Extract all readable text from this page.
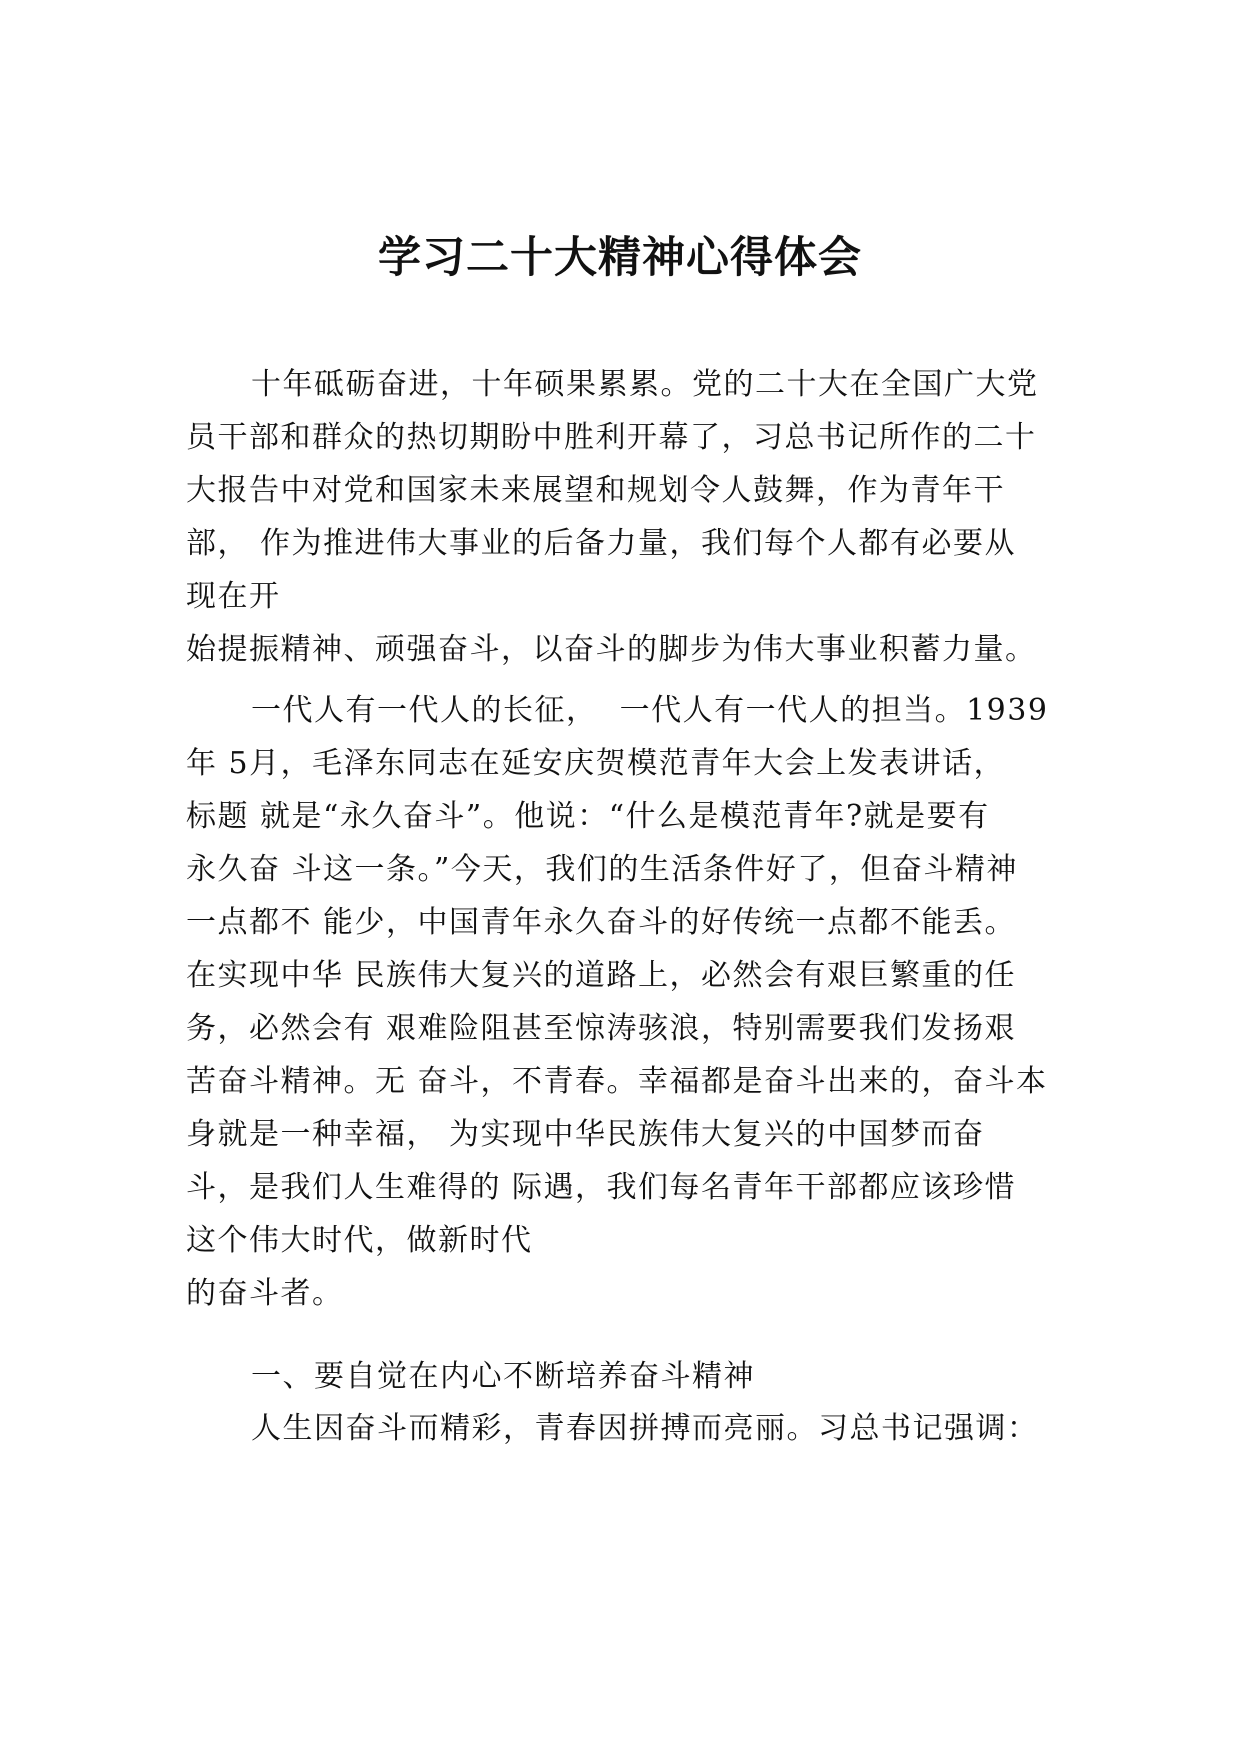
学习二十大精神心得体会
十年砥砺奋进，十年硕果累累。党的二十大在全国广大党
员干部和群众的热切期盼中胜利开幕了，习总书记所作的二十
大报告中对党和国家未来展望和规划令人鼓舞，作为青年干
部， 作为推进伟大事业的后备力量，我们每个人都有必要从
现在开
始提振精神、顽强奋斗，以奋斗的脚步为伟大事业积蓄力量。
一代人有一代人的长征，  一代人有一代人的担当。1939
年 5月，毛泽东同志在延安庆贺模范青年大会上发表讲话，
标题 就是“永久奋斗”。他说：“什么是模范青年?就是要有
永久奋 斗这一条。”今天，我们的生活条件好了，但奋斗精神
一点都不 能少，中国青年永久奋斗的好传统一点都不能丢。
在实现中华 民族伟大复兴的道路上，必然会有艰巨繁重的任
务，必然会有 艰难险阻甚至惊涛骇浪，特别需要我们发扬艰
苦奋斗精神。无 奋斗，不青春。幸福都是奋斗出来的，奋斗本
身就是一种幸福， 为实现中华民族伟大复兴的中国梦而奋
斗，是我们人生难得的 际遇，我们每名青年干部都应该珍惜
这个伟大时代，做新时代
的奋斗者。
一、要自觉在内心不断培养奋斗精神
人生因奋斗而精彩，青春因拼搏而亮丽。习总书记强调：
